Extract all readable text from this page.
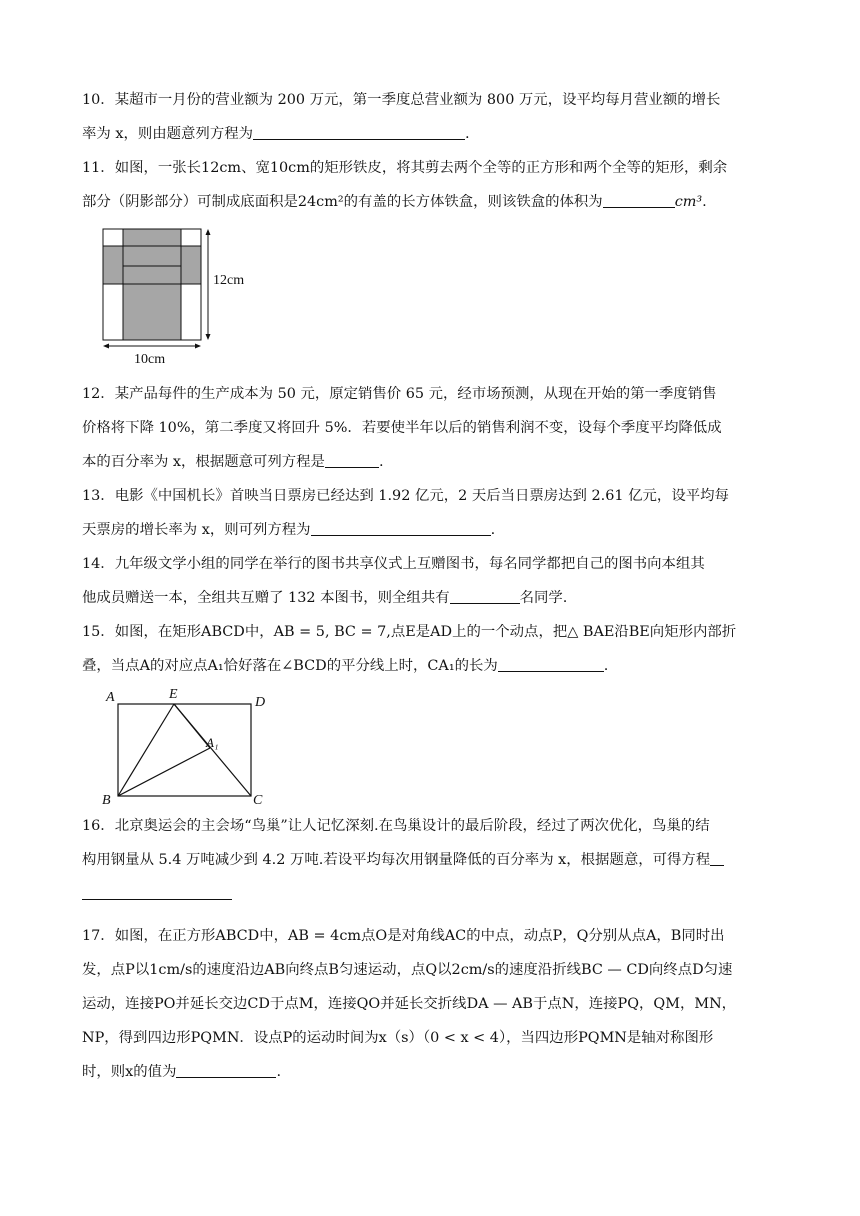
10．某超市一月份的营业额为 200 万元，第一季度总营业额为 800 万元，设平均每月营业额的增长
率为 x，则由题意列方程为	.
11．如图，一张长12cm、宽10cm的矩形铁皮，将其剪去两个全等的正方形和两个全等的矩形，剩余
部分（阴影部分）可制成底面积是24cm²的有盖的长方体铁盒，则该铁盒的体积为	cm³.
12cm
10cm
12．某产品每件的生产成本为 50 元，原定销售价 65 元，经市场预测，从现在开始的第一季度销售
价格将下降 10%，第二季度又将回升 5%．若要使半年以后的销售利润不变，设每个季度平均降低成
本的百分率为 x，根据题意可列方程是	.
13．电影《中国机长》首映当日票房已经达到 1.92 亿元，2 天后当日票房达到 2.61 亿元，设平均每
天票房的增长率为 x，则可列方程为	.
14．九年级文学小组的同学在举行的图书共享仪式上互赠图书，每名同学都把自己的图书向本组其
他成员赠送一本，全组共互赠了 132 本图书，则全组共有	名同学.
15．如图，在矩形ABCD中，AB = 5, BC = 7,点E是AD上的一个动点，把△ BAE沿BE向矩形内部折
叠，当点A的对应点A₁恰好落在∠BCD的平分线上时，CA₁的长为	.
A	E
D
A₁
B	C
16．北京奥运会的主会场“鸟巢”让人记忆深刻.在鸟巢设计的最后阶段，经过了两次优化，鸟巢的结
构用钢量从 5.4 万吨减少到 4.2 万吨.若设平均每次用钢量降低的百分率为 x，根据题意，可得方程
17．如图，在正方形ABCD中，AB = 4cm点O是对角线AC的中点，动点P，Q分别从点A，B同时出
发，点P以1cm/s的速度沿边AB向终点B匀速运动，点Q以2cm/s的速度沿折线BC — CD向终点D匀速
运动，连接PO并延长交边CD于点M，连接QO并延长交折线DA — AB于点N，连接PQ，QM，MN，
NP，得到四边形PQMN．设点P的运动时间为x（s）（0 < x < 4），当四边形PQMN是轴对称图形
时，则x的值为	.
